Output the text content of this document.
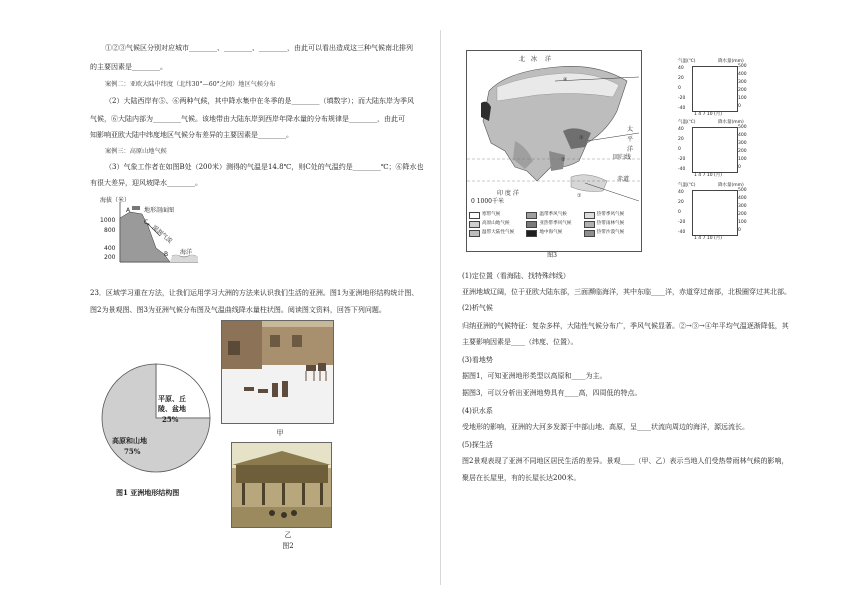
①②③气候区分别对应城市________、________、________，由此可以看出造成这三种气候南北排列
的主要因素是________。
案例二：亚欧大陆中纬度（北纬30°—60°之间）地区气候分布
（2）大陆西岸有⑤、⑥两种气候，其中降水集中在冬季的是________（填数字）；而大陆东岸为季风
气候，⑥大陆内部为________气候。该地带由大陆东岸到西岸年降水量的分布规律是________，由此可
知影响亚欧大陆中纬度地区气候分布差异的主要因素是________。
案例三：高原山地气候
（3）气象工作者在如图B处（200米）测得的气温是14.8℃，则C处的气温约是________℃；⑥降水也
有很大差异，迎风坡降水________。
海拔（米）
1000
800
400
200
地形剖面图
湿润气流
A
B
C
海洋
23．区域学习重在方法，让我们运用学习大洲的方法来认识我们生活的亚洲。图1为亚洲地形结构统计图、
图2为景观图、图3为亚洲气候分布图及气温曲线降水量柱状图。阅读图文资料，回答下列问题。
平原、丘
陵、盆地
25%
高原和山地
75%
图1 亚洲地形结构图
甲
乙
图2
①
②
③
④
北 冰 洋
太
平
洋
印 度 洋
赤道
回归线
0 1000千米
寒带气候	温带季风气候	热带季风气候
高原山地气候	亚热带季风气候	热带雨林气候
温带大陆性气候	地中海气候	热带沙漠气候
图3
气温(℃)	降水量(mm)
40
20
0
-20
-40
500
400
300
200
100
0
1 4 7 10 (月)
气温(℃)	降水量(mm)
40
20
0
-20
-40
500
400
300
200
100
0
1 4 7 10 (月)
气温(℃)	降水量(mm)
40
20
0
-20
-40
500
400
300
200
100
0
1 4 7 10 (月)
(1)定位置（看海陆、找特殊纬线）
亚洲地域辽阔，位于亚欧大陆东部，三面濒临海洋，其中东临____洋，赤道穿过南部，北极圈穿过其北部。
(2)析气候
归纳亚洲的气候特征：复杂多样，大陆性气候分布广，季风气候显著。②→③→④年平均气温逐渐降低，其
主要影响因素是____（纬度、位置）。
(3)看地势
据图1，可知亚洲地形类型以高原和____为主。
据图3，可以分析出亚洲地势具有____高，四周低的特点。
(4)识水系
受地形的影响，亚洲的大河多发源于中部山地、高原，呈____状流向周边的海洋，源远流长。
(5)探生活
图2景观表现了亚洲不同地区居民生活的差异。景观____（甲、乙）表示当地人们受热带雨林气候的影响，
聚居在长屋里，有的长屋长达200米。
